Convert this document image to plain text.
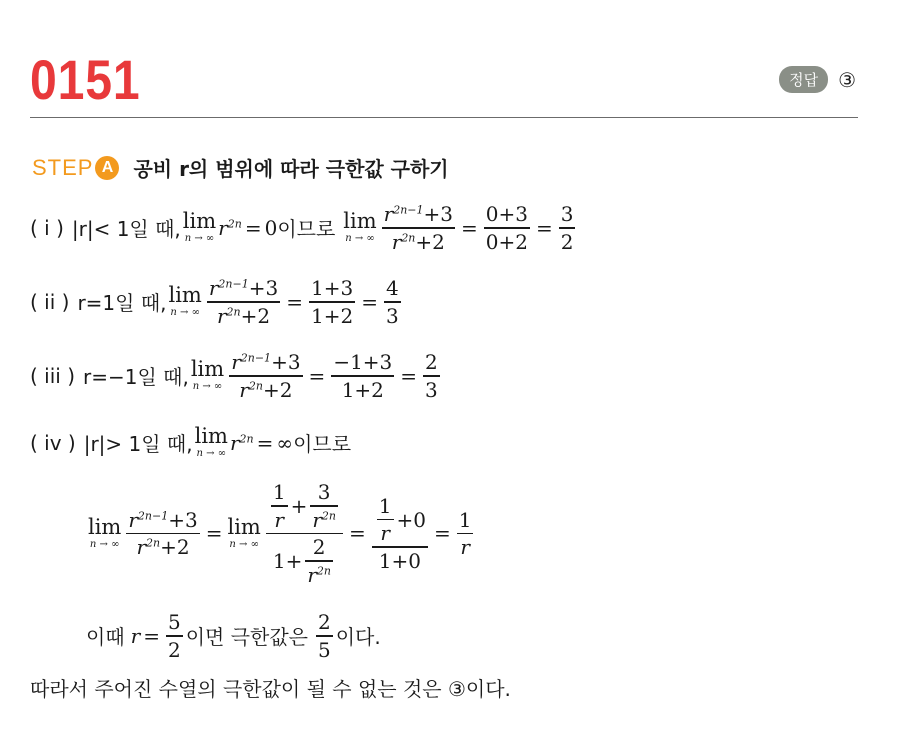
0151	정답	③
STEP A	공비 r의 범위에 따라 극한값 구하기
( i ) |r|< 1일 때, lim
n → ∞ $r^{2n} = 0$ 이므로 lim
n → ∞ $\frac{r^{2n-1}+3}{r^{2n}+2} = \frac{0+3}{0+2} = \frac{3}{2}$
( ii ) r=1일 때, lim
n → ∞ $\frac{r^{2n-1}+3}{r^{2n}+2} = \frac{1+3}{1+2} = \frac{4}{3}$
( iii ) r=−1일 때, lim
n → ∞ $\frac{r^{2n-1}+3}{r^{2n}+2} = \frac{-1+3}{1+2} = \frac{2}{3}$
( iv ) |r|> 1일 때, lim
n → ∞ $r^{2n}$ = ∞ 이므로
lim
n → ∞ $\frac{r^{2n-1}+3}{r^{2n}+2} = \lim$
n → ∞ $\frac{\frac{1}{r} + \frac{3}{r^{2n}}}{1+ \frac{2}{r^{2n}}} = \frac{\frac{1}{r} +0}{1+0} = \frac{1}{r}$
이때 $r = \frac{5}{2}$ 이면 극한값은 $\frac{2}{5}$ 이다.
따라서 주어진 수열의 극한값이 될 수 없는 것은 ③이다.
